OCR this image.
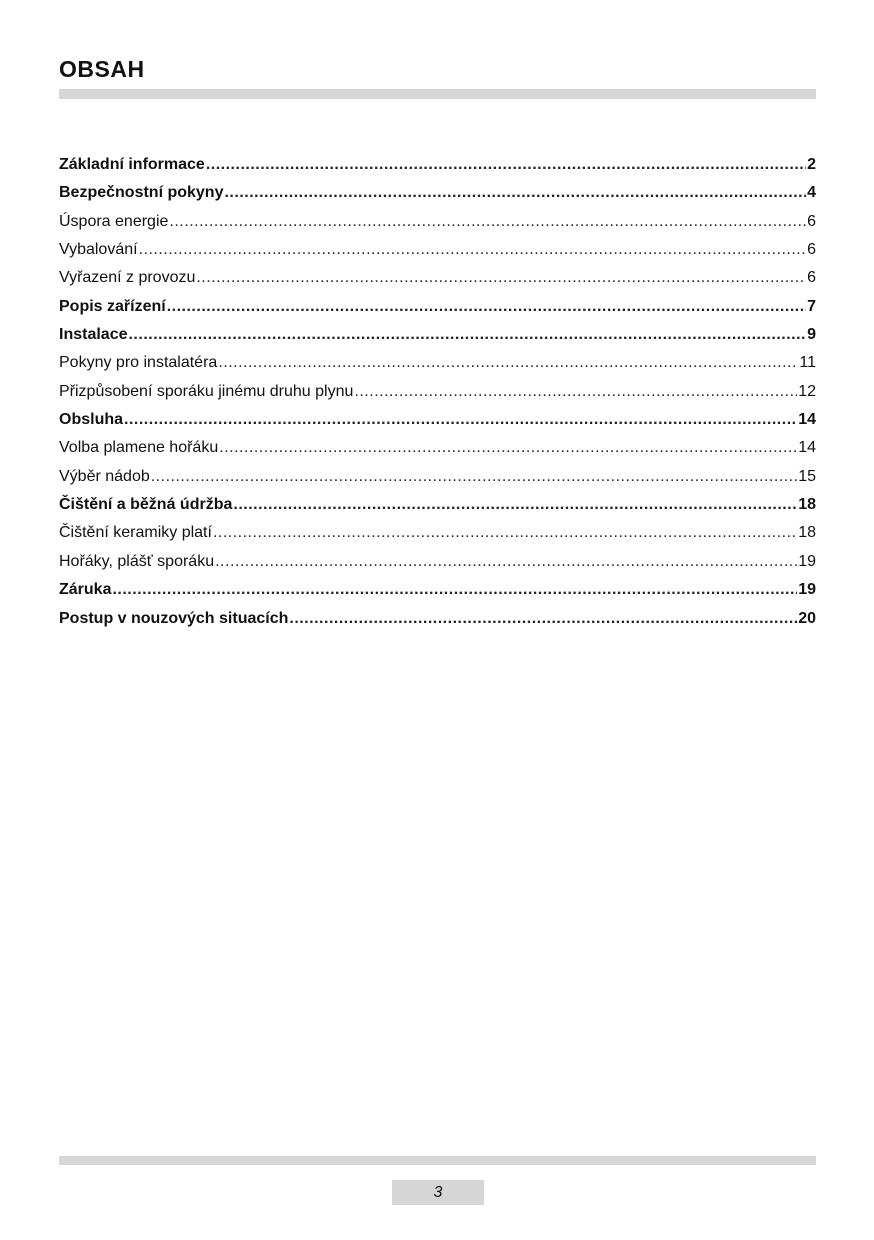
OBSAH
Základní informace .....	2
Bezpečnostní pokyny .....	4
Úspora energie .....	6
Vybalování .....	6
Vyřazení z provozu .....	6
Popis zařízení .....	7
Instalace .....	9
Pokyny pro instalatéra .....	11
Přizpůsobení sporáku jinému druhu plynu .....	12
Obsluha .....	14
Volba plamene hořáku .....	14
Výběr nádob .....	15
Čištění a běžná údržba .....	18
Čištění keramiky platí .....	18
Hořáky, plášť sporáku .....	19
Záruka .....	19
Postup v nouzových situacích .....	20
3
